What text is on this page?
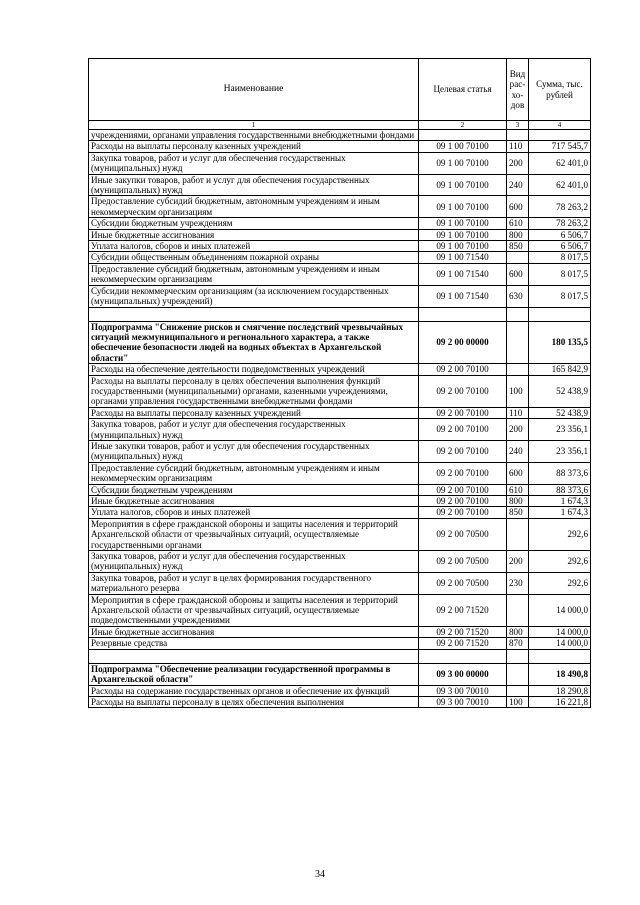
Наименование	Целевая статья	Вид рас-хо-дов	Сумма, тыс. рублей
1	2	3	4
учреждениями, органами управления государственными внебюджетными фондами			
Расходы на выплаты персоналу казенных учреждений	09 1 00 70100	110	717 545,7
Закупка товаров, работ и услуг для обеспечения государственных (муниципальных) нужд	09 1 00 70100	200	62 401,0
Иные закупки товаров, работ и услуг для обеспечения государственных (муниципальных) нужд	09 1 00 70100	240	62 401,0
Предоставление субсидий бюджетным, автономным учреждениям и иным некоммерческим организациям	09 1 00 70100	600	78 263,2
Субсидии бюджетным учреждениям	09 1 00 70100	610	78 263,2
Иные бюджетные ассигнования	09 1 00 70100	800	6 506,7
Уплата налогов, сборов и иных платежей	09 1 00 70100	850	6 506,7
Субсидии общественным объединениям пожарной охраны	09 1 00 71540		8 017,5
Предоставление субсидий бюджетным, автономным учреждениям и иным некоммерческим организациям	09 1 00 71540	600	8 017,5
Субсидии некоммерческим организациям (за исключением государственных (муниципальных) учреждений)	09 1 00 71540	630	8 017,5

Подпрограмма "Снижение рисков и смягчение последствий чрезвычайных ситуаций межмуниципального и регионального характера, а также обеспечение безопасности людей на водных объектах в Архангельской области"	09 2 00 00000		180 135,5
Расходы на обеспечение деятельности подведомственных учреждений	09 2 00 70100		165 842,9
Расходы на выплаты персоналу в целях обеспечения выполнения функций государственными (муниципальными) органами, казенными учреждениями, органами управления государственными внебюджетными фондами	09 2 00 70100	100	52 438,9
Расходы на выплаты персоналу казенных учреждений	09 2 00 70100	110	52 438,9
Закупка товаров, работ и услуг для обеспечения государственных (муниципальных) нужд	09 2 00 70100	200	23 356,1
Иные закупки товаров, работ и услуг для обеспечения государственных (муниципальных) нужд	09 2 00 70100	240	23 356,1
Предоставление субсидий бюджетным, автономным учреждениям и иным некоммерческим организациям	09 2 00 70100	600	88 373,6
Субсидии бюджетным учреждениям	09 2 00 70100	610	88 373,6
Иные бюджетные ассигнования	09 2 00 70100	800	1 674,3
Уплата налогов, сборов и иных платежей	09 2 00 70100	850	1 674,3
Мероприятия в сфере гражданской обороны и защиты населения и территорий Архангельской области от чрезвычайных ситуаций, осуществляемые государственными органами	09 2 00 70500		292,6
Закупка товаров, работ и услуг для обеспечения государственных (муниципальных) нужд	09 2 00 70500	200	292,6
Закупка товаров, работ и услуг в целях формирования государственного материального резерва	09 2 00 70500	230	292,6
Мероприятия в сфере гражданской обороны и защиты населения и территорий Архангельской области от чрезвычайных ситуаций, осуществляемые подведомственными учреждениями	09 2 00 71520		14 000,0
Иные бюджетные ассигнования	09 2 00 71520	800	14 000,0
Резервные средства	09 2 00 71520	870	14 000,0

Подпрограмма "Обеспечение реализации государственной программы в Архангельской области"	09 3 00 00000		18 490,8
Расходы на содержание государственных органов и обеспечение их функций	09 3 00 70010		18 290,8
Расходы на выплаты персоналу в целях обеспечения выполнения	09 3 00 70010	100	16 221,8
34
